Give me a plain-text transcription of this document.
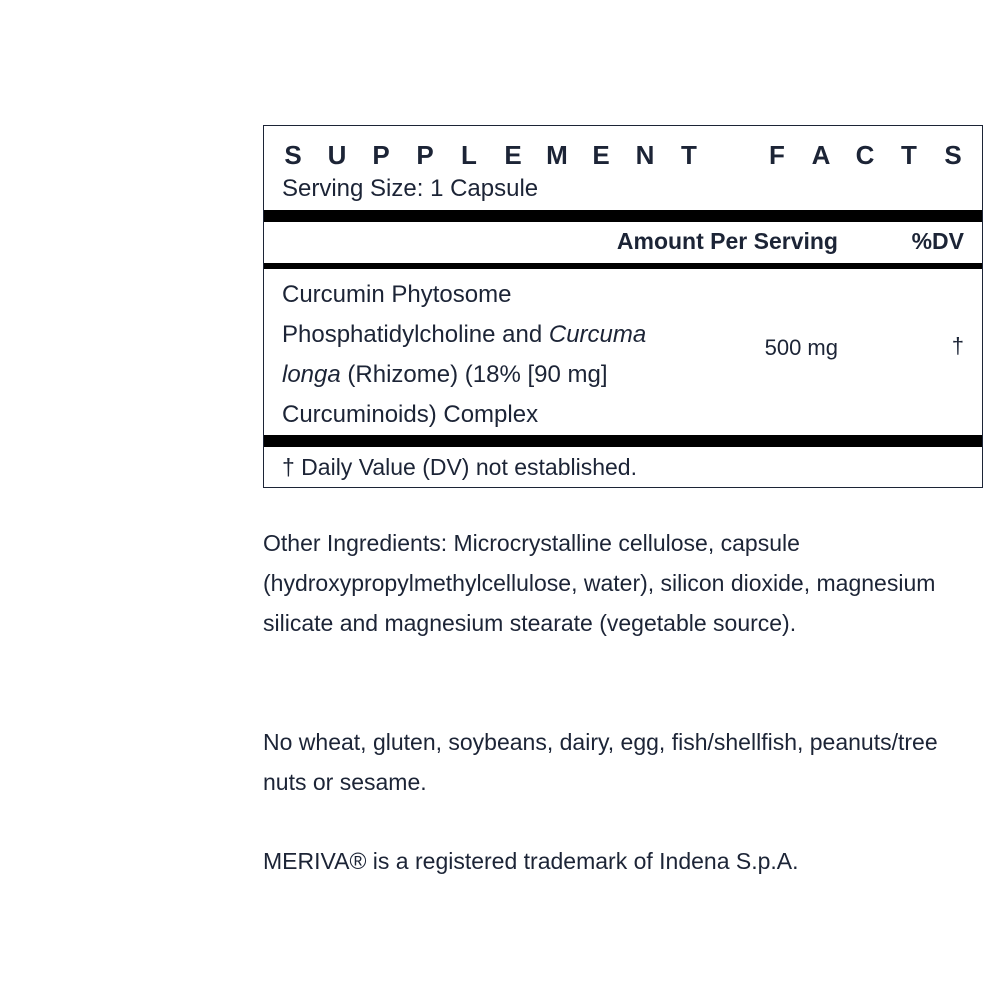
S U P P L E M E N T	F A C T S
Serving Size: 1 Capsule
Amount Per Serving	%DV
Curcumin Phytosome
Phosphatidylcholine and Curcuma
longa (Rhizome) (18% [90 mg]
Curcuminoids) Complex
500 mg	†
† Daily Value (DV) not established.
Other Ingredients: Microcrystalline cellulose, capsule (hydroxypropylmethylcellulose, water), silicon dioxide, magnesium silicate and magnesium stearate (vegetable source).
No wheat, gluten, soybeans, dairy, egg, fish/shellfish, peanuts/tree nuts or sesame.
MERIVA® is a registered trademark of Indena S.p.A.
